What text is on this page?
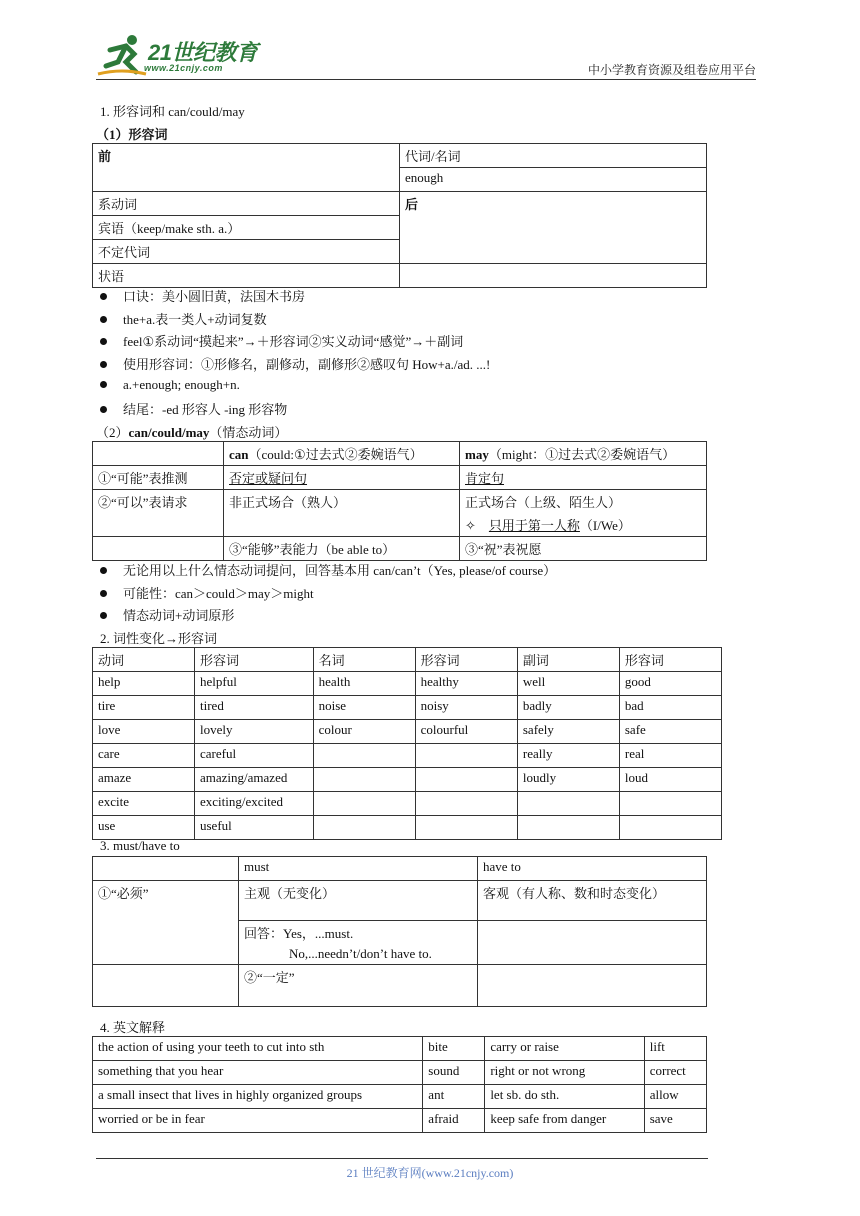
21世纪教育
www.21cnjy.com	中小学教育资源及组卷应用平台
1. 形容词和 can/could/may
（1）形容词
前	代词/名词
	enough
系动词	后
宾语（keep/make sth. a.）	
不定代词	
状语	
口诀：美小圆旧黄，法国木书房
the+a.表一类人+动词复数
feel①系动词“摸起来”→＋形容词②实义动词“感觉”→＋副词
使用形容词：①形修名，副修动，副修形②感叹句 How+a./ad. ...!
a.+enough; enough+n.
结尾：-ed 形容人 -ing 形容物
（2）can/could/may（情态动词）
	can（could:①过去式②委婉语气）	may（might：①过去式②委婉语气）
①“可能”表推测	否定或疑问句	肯定句
②“可以”表请求	非正式场合（熟人）	正式场合（上级、陌生人）
✧ 只用于第一人称（I/We）

	③“能够”表能力（be able to）	③“祝”表祝愿
无论用以上什么情态动词提问，回答基本用 can/can’t（Yes, please/of course）
可能性：can＞could＞may＞might
情态动词+动词原形
2. 词性变化→形容词
动词	形容词	名词	形容词	副词	形容词
help	helpful	health	healthy	well	good
tire	tired	noise	noisy	badly	bad
love	lovely	colour	colourful	safely	safe
care	careful			really	real
amaze	amazing/amazed			loudly	loud
excite	exciting/excited				
use	useful				
3. must/have to
	must	have to
①“必须”	主观（无变化）	客观（有人称、数和时态变化）

	回答：Yes，...must.
No,...needn’t/don’t have to.	

	②“一定”	
4. 英文解释
the action of using your teeth to cut into sth	bite	carry or raise	lift
something that you hear	sound	right or not wrong	correct
a small insect that lives in highly organized groups	ant	let sb. do sth.	allow
worried or be in fear	afraid	keep safe from danger	save
21 世纪教育网(www.21cnjy.com)
